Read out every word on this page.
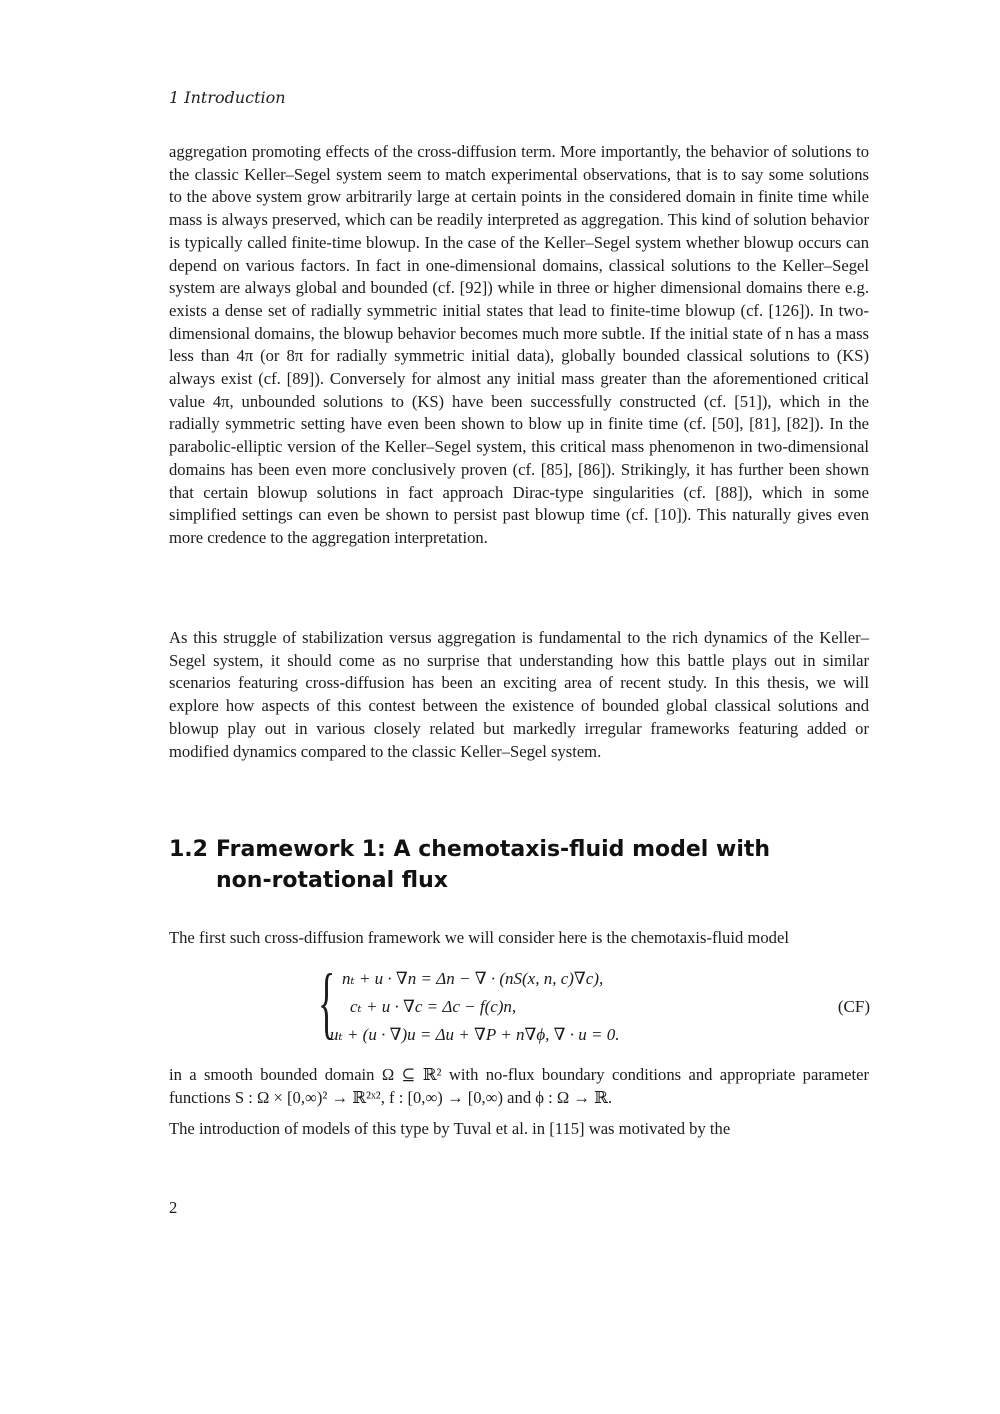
1 Introduction

aggregation promoting effects of the cross-diffusion term. More importantly, the behavior of solutions to the classic Keller–Segel system seem to match experimental observations, that is to say some solutions to the above system grow arbitrarily large at certain points in the considered domain in finite time while mass is always preserved, which can be readily interpreted as aggregation. This kind of solution behavior is typically called finite-time blowup. In the case of the Keller–Segel system whether blowup occurs can depend on various factors. In fact in one-dimensional domains, classical solutions to the Keller–Segel system are always global and bounded (cf. [92]) while in three or higher dimensional domains there e.g. exists a dense set of radially symmetric initial states that lead to finite-time blowup (cf. [126]). In two-dimensional domains, the blowup behavior becomes much more subtle. If the initial state of n has a mass less than 4π (or 8π for radially symmetric initial data), globally bounded classical solutions to (KS) always exist (cf. [89]). Conversely for almost any initial mass greater than the aforementioned critical value 4π, unbounded solutions to (KS) have been successfully constructed (cf. [51]), which in the radially symmetric setting have even been shown to blow up in finite time (cf. [50], [81], [82]). In the parabolic-elliptic version of the Keller–Segel system, this critical mass phenomenon in two-dimensional domains has been even more conclusively proven (cf. [85], [86]). Strikingly, it has further been shown that certain blowup solutions in fact approach Dirac-type singularities (cf. [88]), which in some simplified settings can even be shown to persist past blowup time (cf. [10]). This naturally gives even more credence to the aggregation interpretation.

As this struggle of stabilization versus aggregation is fundamental to the rich dynamics of the Keller–Segel system, it should come as no surprise that understanding how this battle plays out in similar scenarios featuring cross-diffusion has been an exciting area of recent study. In this thesis, we will explore how aspects of this contest between the existence of bounded global classical solutions and blowup play out in various closely related but markedly irregular frameworks featuring added or modified dynamics compared to the classic Keller–Segel system.

1.2 Framework 1: A chemotaxis-fluid model with
non-rotational flux

The first such cross-diffusion framework we will consider here is the chemotaxis-fluid model

{ nₜ + u · ∇n = Δn − ∇ · (nS(x, n, c)∇c),
cₜ + u · ∇c = Δc − f(c)n,
uₜ + (u · ∇)u = Δu + ∇P + n∇ϕ, ∇ · u = 0.
(CF)

in a smooth bounded domain Ω ⊆ ℝ² with no-flux boundary conditions and appropriate parameter functions S : Ω × [0,∞)² → ℝ²ˣ², f : [0,∞) → [0,∞) and ϕ : Ω → ℝ.

The introduction of models of this type by Tuval et al. in [115] was motivated by the

2
